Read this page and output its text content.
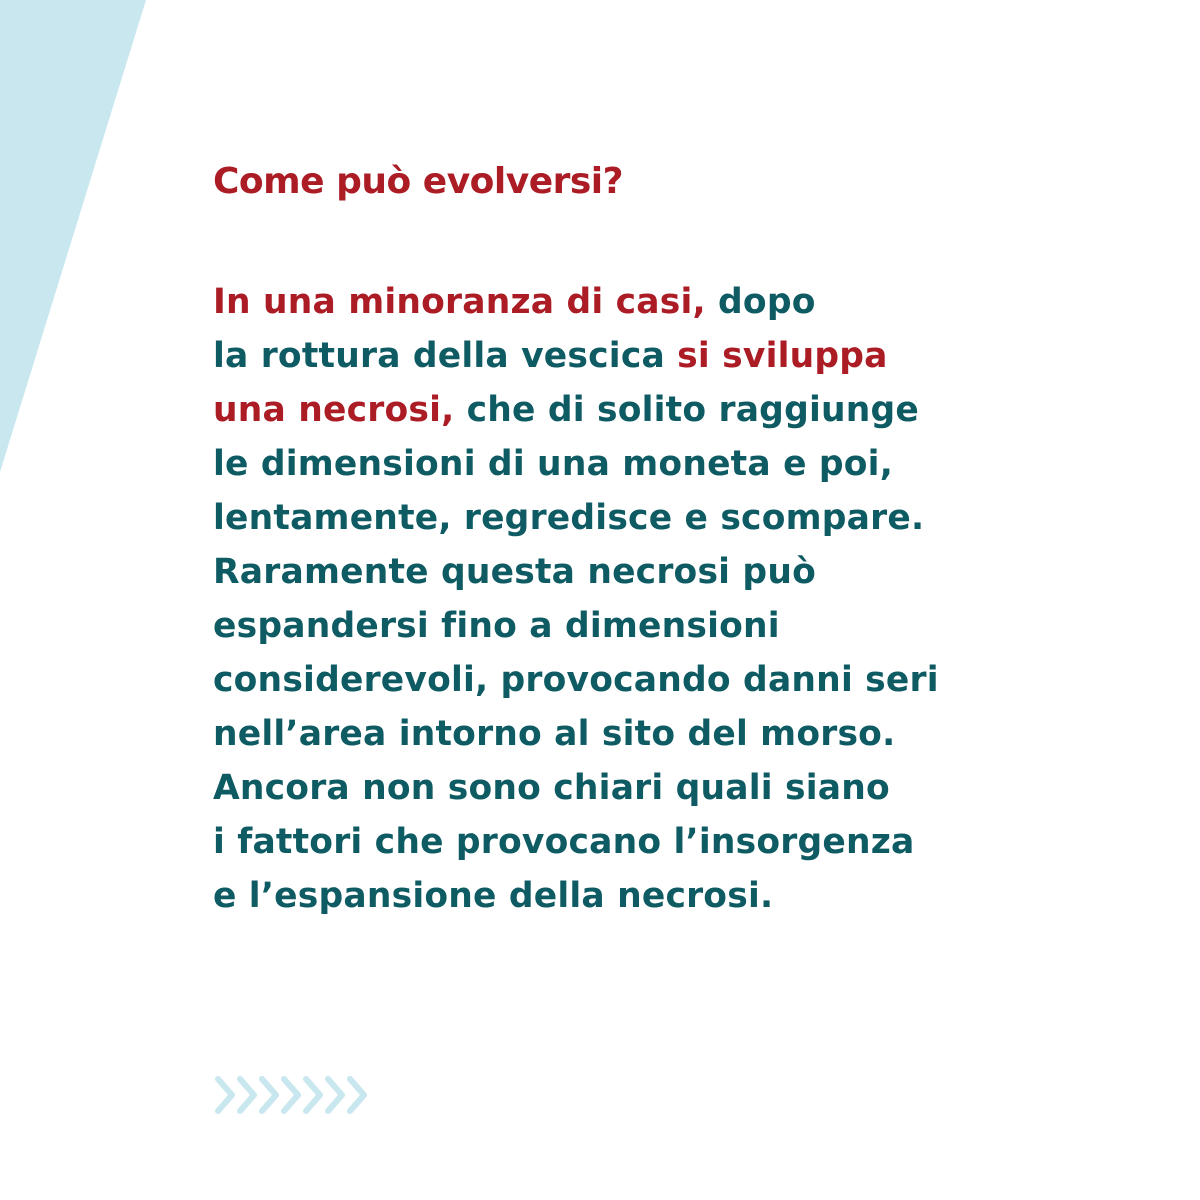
Come può evolversi?

In una minoranza di casi, dopo
la rottura della vescica si sviluppa
una necrosi, che di solito raggiunge
le dimensioni di una moneta e poi,
lentamente, regredisce e scompare.
Raramente questa necrosi può
espandersi fino a dimensioni
considerevoli, provocando danni seri
nell’area intorno al sito del morso.
Ancora non sono chiari quali siano
i fattori che provocano l’insorgenza
e l’espansione della necrosi.
